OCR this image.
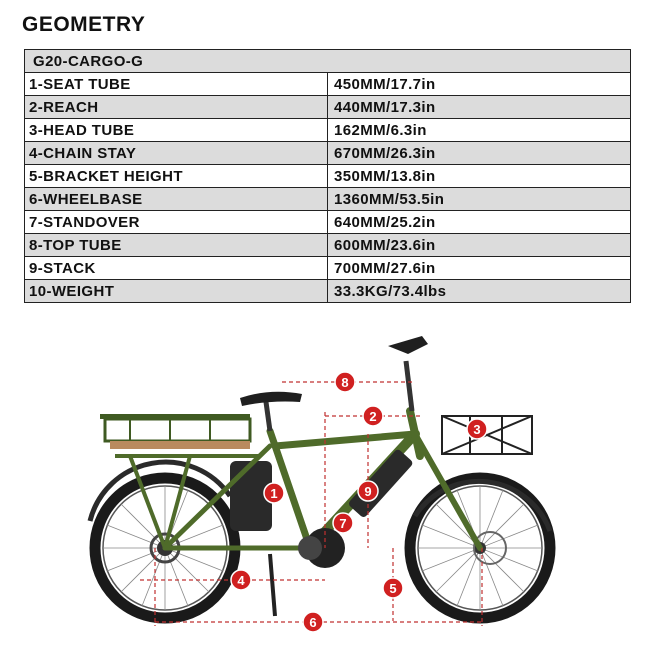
GEOMETRY
G20-CARGO-G	
1-SEAT TUBE	450MM/17.7in
2-REACH	440MM/17.3in
3-HEAD TUBE	162MM/6.3in
4-CHAIN STAY	670MM/26.3in
5-BRACKET HEIGHT	350MM/13.8in
6-WHEELBASE	1360MM/53.5in
7-STANDOVER	640MM/25.2in
8-TOP TUBE	600MM/23.6in
9-STACK	700MM/27.6in
10-WEIGHT	33.3KG/73.4lbs
1
2
3
4
5
6
7
8
9
